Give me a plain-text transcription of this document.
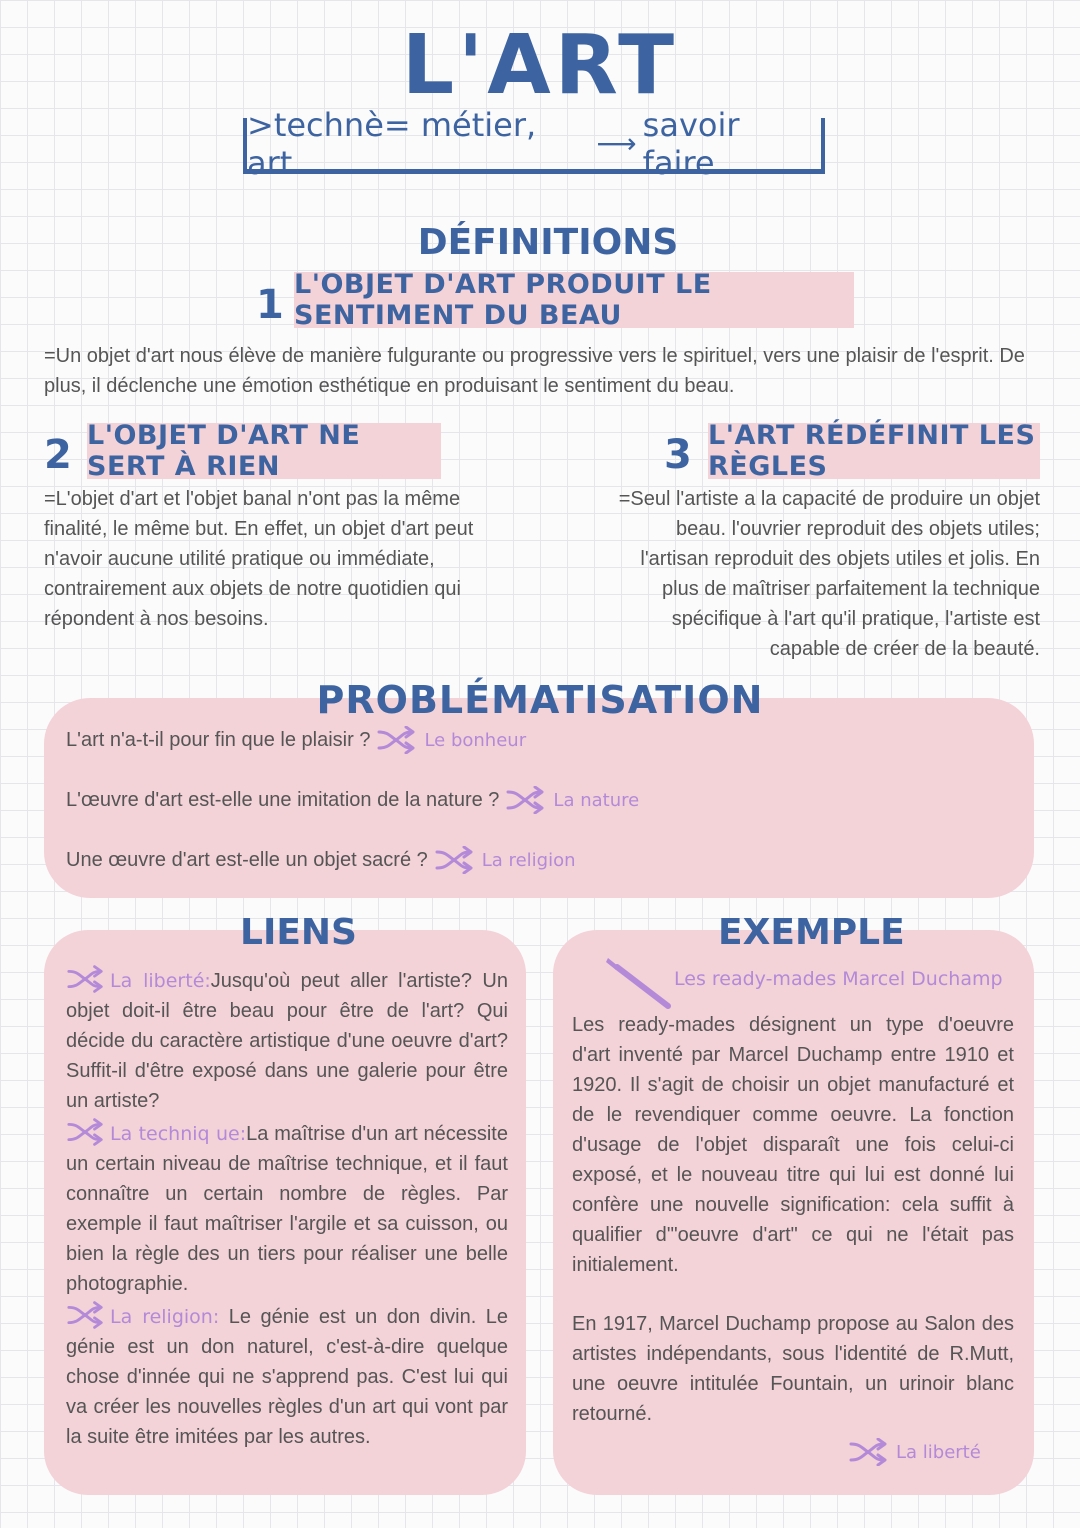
L'ART
>technè= métier, art	⟶ savoir faire
DÉFINITIONS
1 L'OBJET D'ART PRODUIT LE SENTIMENT DU BEAU
=Un objet d'art nous élève de manière fulgurante ou progressive vers le spirituel, vers une plaisir de l'esprit. De plus, il déclenche une émotion esthétique en produisant le sentiment du beau.
2 L'OBJET D'ART NE SERT À RIEN
=L'objet d'art et l'objet banal n'ont pas la même finalité, le même but. En effet, un objet d'art peut n'avoir aucune utilité pratique ou immédiate, contrairement aux objets de notre quotidien qui répondent à nos besoins.
3 L'ART RÉDÉFINIT LES RÈGLES
=Seul l'artiste a la capacité de produire un objet beau. l'ouvrier reproduit des objets utiles; l'artisan reproduit des objets utiles et jolis. En plus de maîtriser parfaitement la technique spécifique à l'art qu'il pratique, l'artiste est capable de créer de la beauté.
PROBLÉMATISATION
L'art n'a-t-il pour fin que le plaisir ?	Le bonheur
L'œuvre d'art est-elle une imitation de la nature ?	La nature
Une œuvre d'art est-elle un objet sacré ?	La religion
LIENS
La liberté:Jusqu'où peut aller l'artiste? Un objet doit-il être beau pour être de l'art? Qui décide du caractère artistique d'une oeuvre d'art? Suffit-il d'être exposé dans une galerie pour être un artiste?
La techniq ue:La maîtrise d'un art nécessite un certain niveau de maîtrise technique, et il faut connaître un certain nombre de règles. Par exemple il faut maîtriser l'argile et sa cuisson, ou bien la règle des un tiers pour réaliser une belle photographie.
La religion: Le génie est un don divin. Le génie est un don naturel, c'est-à-dire quelque chose d'innée qui ne s'apprend pas. C'est lui qui va créer les nouvelles règles d'un art qui vont par la suite être imitées par les autres.
EXEMPLE
Les ready-mades Marcel Duchamp
Les ready-mades désignent un type d'oeuvre d'art inventé par Marcel Duchamp entre 1910 et 1920. Il s'agit de choisir un objet manufacturé et de le revendiquer comme oeuvre. La fonction d'usage de l'objet disparaît une fois celui-ci exposé, et le nouveau titre qui lui est donné lui confère une nouvelle signification: cela suffit à qualifier d'"oeuvre d'art" ce qui ne l'était pas initialement.
En 1917, Marcel Duchamp propose au Salon des artistes indépendants, sous l'identité de R.Mutt, une oeuvre intitulée Fountain, un urinoir blanc retourné.
La liberté
